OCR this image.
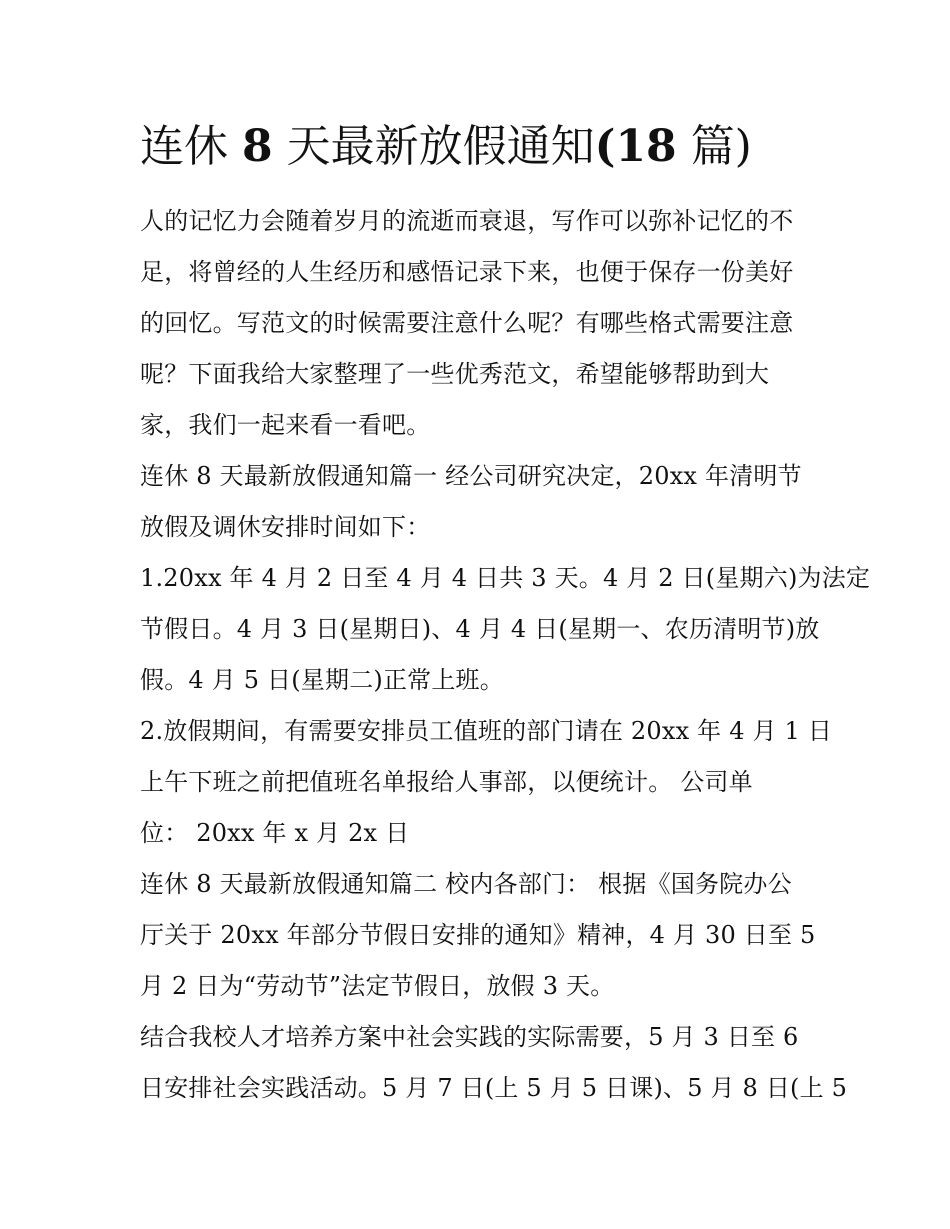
连休 8 天最新放假通知(18 篇)
人的记忆力会随着岁月的流逝而衰退，写作可以弥补记忆的不
足，将曾经的人生经历和感悟记录下来，也便于保存一份美好
的回忆。写范文的时候需要注意什么呢？有哪些格式需要注意
呢？下面我给大家整理了一些优秀范文，希望能够帮助到大
家，我们一起来看一看吧。
连休 8 天最新放假通知篇一 经公司研究决定，20xx 年清明节
放假及调休安排时间如下：
1.20xx 年 4 月 2 日至 4 月 4 日共 3 天。4 月 2 日(星期六)为法定
节假日。4 月 3 日(星期日)、4 月 4 日(星期一、农历清明节)放
假。4 月 5 日(星期二)正常上班。
2.放假期间，有需要安排员工值班的部门请在 20xx 年 4 月 1 日
上午下班之前把值班名单报给人事部，以便统计。 公司单
位： 20xx 年 x 月 2x 日
连休 8 天最新放假通知篇二 校内各部门： 根据《国务院办公
厅关于 20xx 年部分节假日安排的通知》精神，4 月 30 日至 5
月 2 日为“劳动节”法定节假日，放假 3 天。
结合我校人才培养方案中社会实践的实际需要，5 月 3 日至 6
日安排社会实践活动。5 月 7 日(上 5 月 5 日课)、5 月 8 日(上 5
